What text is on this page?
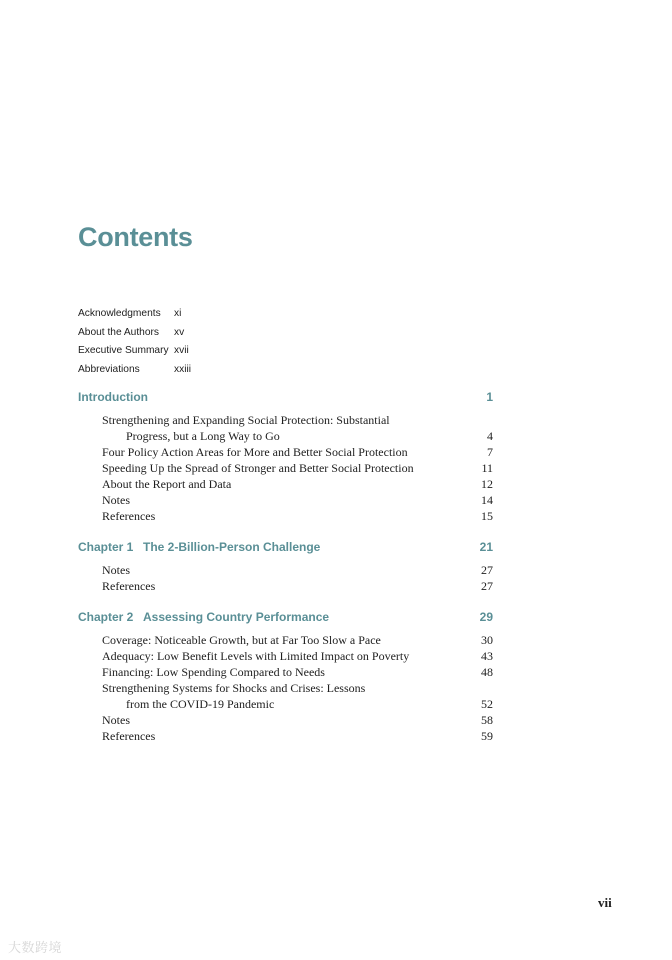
Contents
Acknowledgments	xi
About the Authors	xv
Executive Summary xvii
Abbreviations	xxiii
Introduction	1
Strengthening and Expanding Social Protection: Substantial
Progress, but a Long Way to Go	4
Four Policy Action Areas for More and Better Social Protection	7
Speeding Up the Spread of Stronger and Better Social Protection	11
About the Report and Data	12
Notes	14
References	15
Chapter 1 The 2-Billion-Person Challenge	21
Notes	27
References	27
Chapter 2 Assessing Country Performance	29
Coverage: Noticeable Growth, but at Far Too Slow a Pace	30
Adequacy: Low Benefit Levels with Limited Impact on Poverty	43
Financing: Low Spending Compared to Needs	48
Strengthening Systems for Shocks and Crises: Lessons
from the COVID-19 Pandemic	52
Notes	58
References	59
vii
大数跨境
